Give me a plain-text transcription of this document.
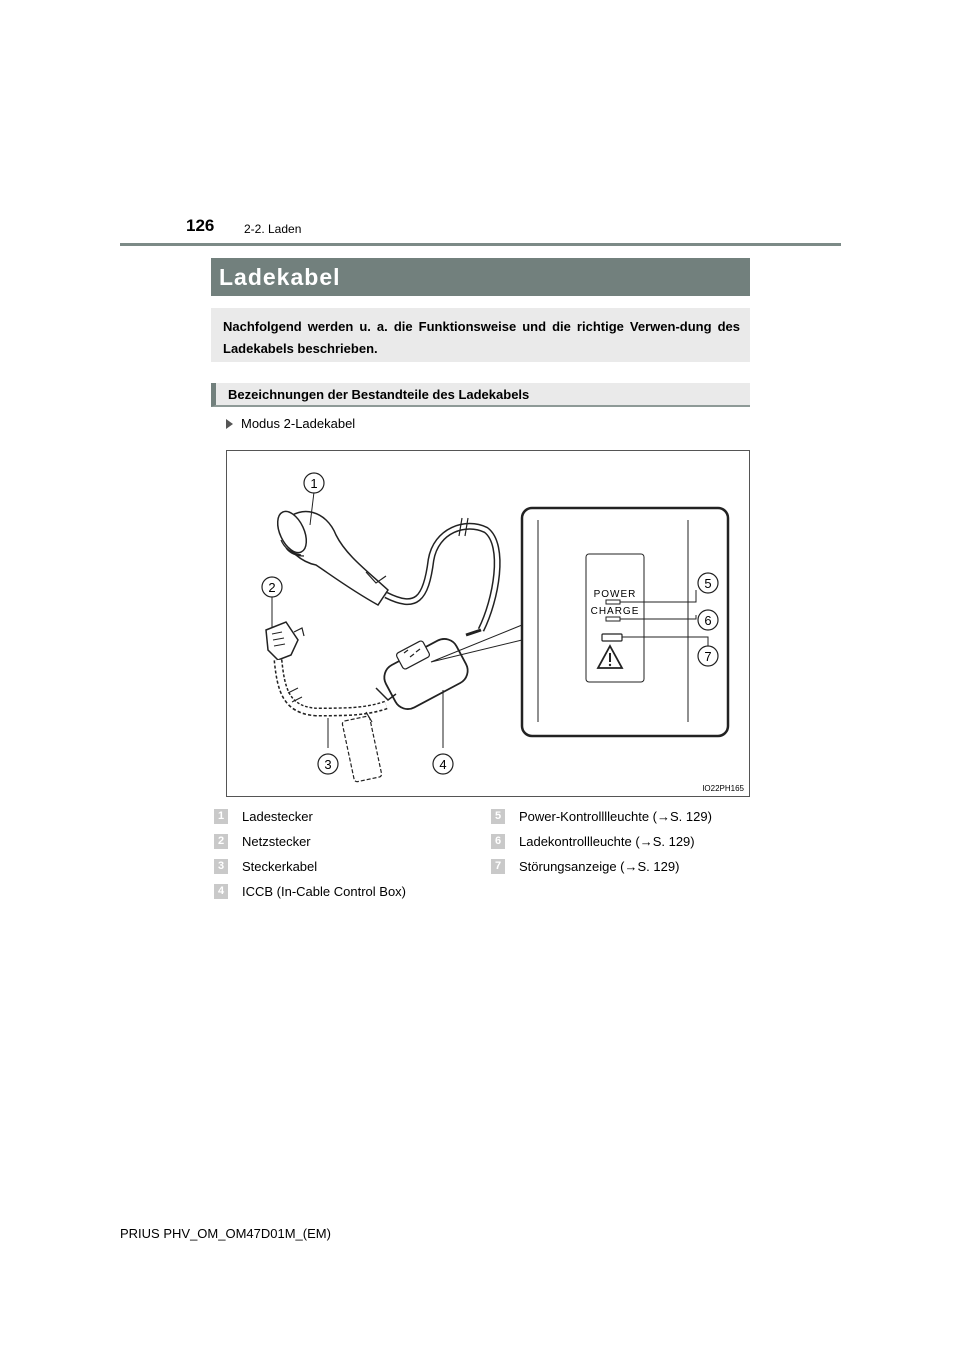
126 2-2. Laden
Ladekabel
Nachfolgend werden u. a. die Funktionsweise und die richtige Verwen-dung des Ladekabels beschrieben.
Bezeichnungen der Bestandteile des Ladekabels
Modus 2-Ladekabel
POWER
CHARGE
1
2
3	4
5
6
7
IO22PH165
1	Ladestecker
2	Netzstecker
3	Steckerkabel
4	ICCB (In-Cable Control Box)
5	Power-Kontrolllleuchte (→S. 129)
6	Ladekontrollleuchte (→S. 129)
7	Störungsanzeige (→S. 129)
PRIUS PHV_OM_OM47D01M_(EM)
